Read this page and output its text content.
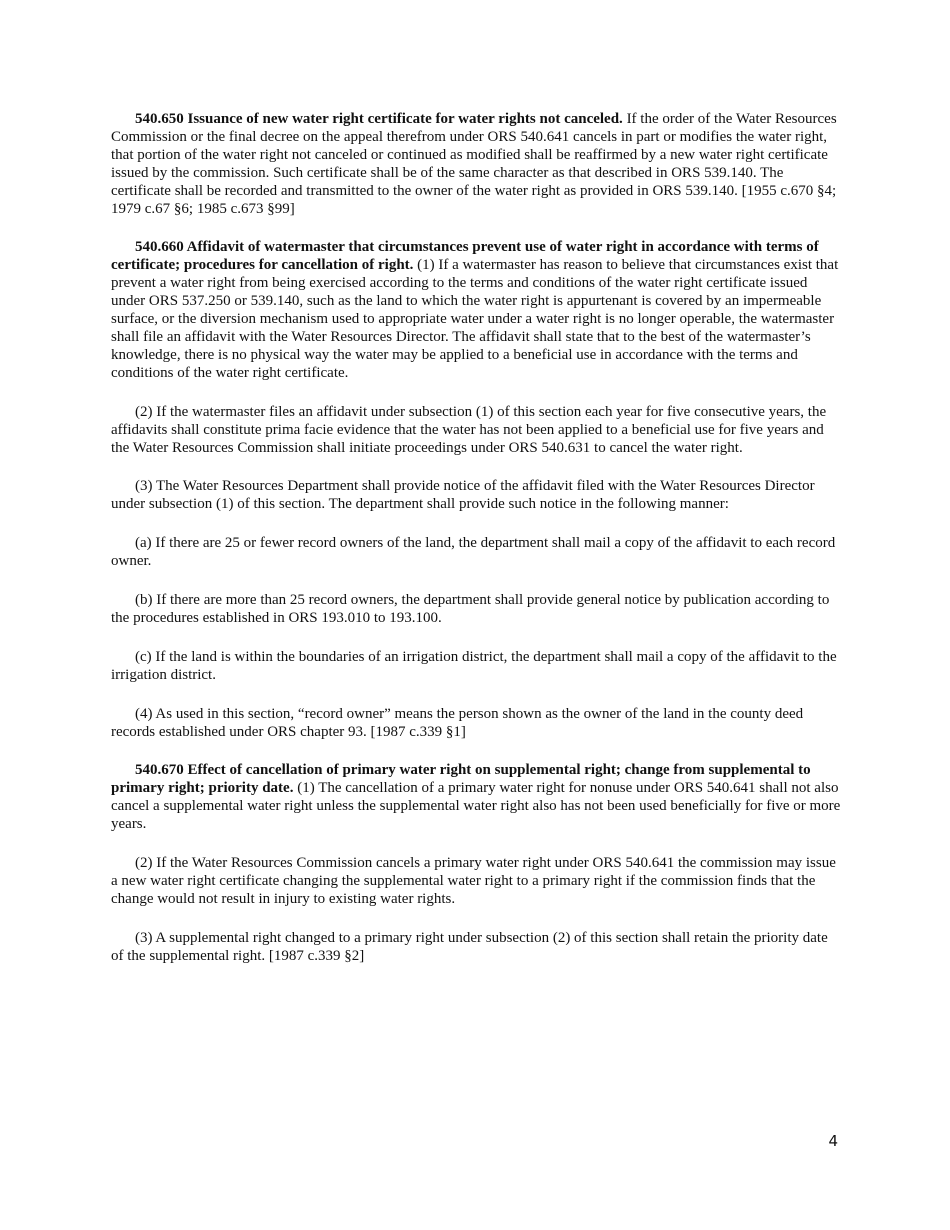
540.650 Issuance of new water right certificate for water rights not canceled. If the order of the Water Resources Commission or the final decree on the appeal therefrom under ORS 540.641 cancels in part or modifies the water right, that portion of the water right not canceled or continued as modified shall be reaffirmed by a new water right certificate issued by the commission. Such certificate shall be of the same character as that described in ORS 539.140. The certificate shall be recorded and transmitted to the owner of the water right as provided in ORS 539.140. [1955 c.670 §4; 1979 c.67 §6; 1985 c.673 §99]

540.660 Affidavit of watermaster that circumstances prevent use of water right in accordance with terms of certificate; procedures for cancellation of right. (1) If a watermaster has reason to believe that circumstances exist that prevent a water right from being exercised according to the terms and conditions of the water right certificate issued under ORS 537.250 or 539.140, such as the land to which the water right is appurtenant is covered by an impermeable surface, or the diversion mechanism used to appropriate water under a water right is no longer operable, the watermaster shall file an affidavit with the Water Resources Director. The affidavit shall state that to the best of the watermaster’s knowledge, there is no physical way the water may be applied to a beneficial use in accordance with the terms and conditions of the water right certificate.

(2) If the watermaster files an affidavit under subsection (1) of this section each year for five consecutive years, the affidavits shall constitute prima facie evidence that the water has not been applied to a beneficial use for five years and the Water Resources Commission shall initiate proceedings under ORS 540.631 to cancel the water right.

(3) The Water Resources Department shall provide notice of the affidavit filed with the Water Resources Director under subsection (1) of this section. The department shall provide such notice in the following manner:

(a) If there are 25 or fewer record owners of the land, the department shall mail a copy of the affidavit to each record owner.

(b) If there are more than 25 record owners, the department shall provide general notice by publication according to the procedures established in ORS 193.010 to 193.100.

(c) If the land is within the boundaries of an irrigation district, the department shall mail a copy of the affidavit to the irrigation district.

(4) As used in this section, “record owner” means the person shown as the owner of the land in the county deed records established under ORS chapter 93. [1987 c.339 §1]

540.670 Effect of cancellation of primary water right on supplemental right; change from supplemental to primary right; priority date. (1) The cancellation of a primary water right for nonuse under ORS 540.641 shall not also cancel a supplemental water right unless the supplemental water right also has not been used beneficially for five or more years.

(2) If the Water Resources Commission cancels a primary water right under ORS 540.641 the commission may issue a new water right certificate changing the supplemental water right to a primary right if the commission finds that the change would not result in injury to existing water rights.

(3) A supplemental right changed to a primary right under subsection (2) of this section shall retain the priority date of the supplemental right. [1987 c.339 §2]

4
